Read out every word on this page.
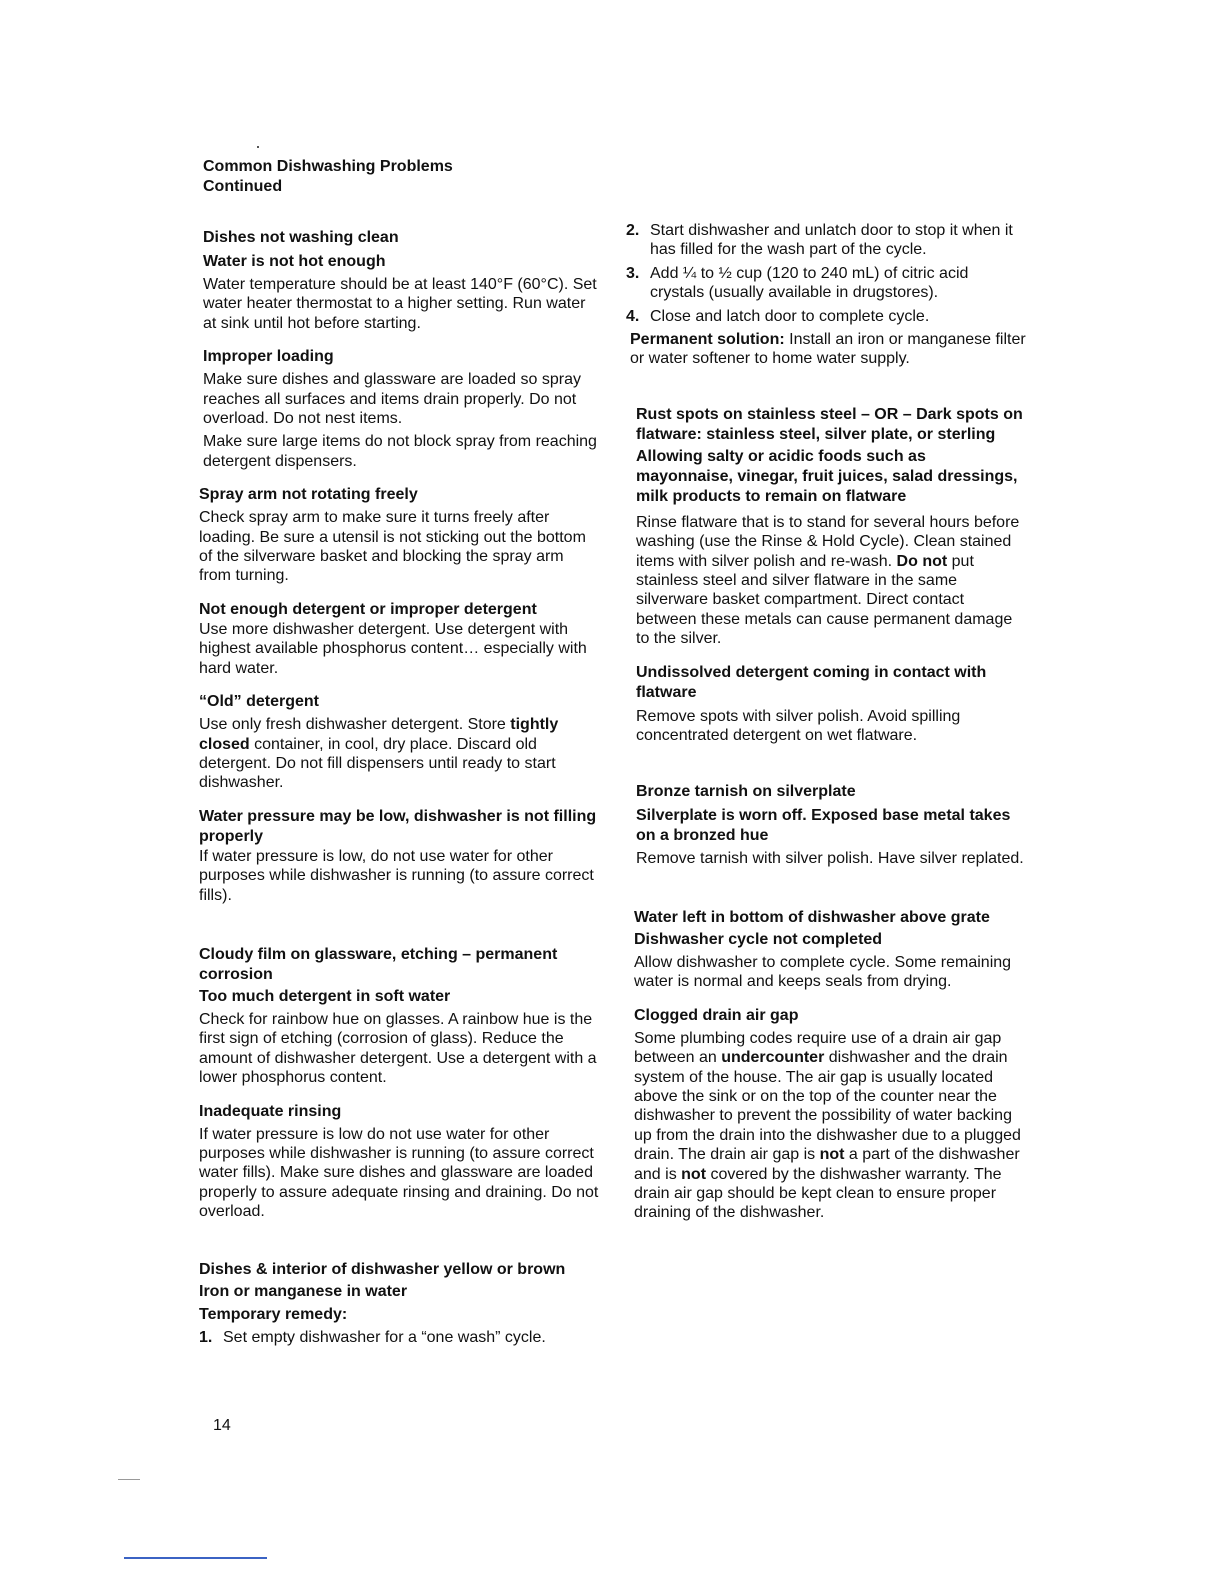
Common Dishwashing Problems
Continued
Dishes not washing clean
Water is not hot enough

Water temperature should be at least 140°F (60°C). Set water heater thermostat to a higher setting. Run water at sink until hot before starting.

Improper loading

Make sure dishes and glassware are loaded so spray reaches all surfaces and items drain properly. Do not overload. Do not nest items.

Make sure large items do not block spray from reaching detergent dispensers.

Spray arm not rotating freely

Check spray arm to make sure it turns freely after loading. Be sure a utensil is not sticking out the bottom of the silverware basket and blocking the spray arm from turning.

Not enough detergent or improper detergent

Use more dishwasher detergent. Use detergent with highest available phosphorus content… especially with hard water.

“Old” detergent

Use only fresh dishwasher detergent. Store tightly closed container, in cool, dry place. Discard old detergent. Do not fill dispensers until ready to start dishwasher.

Water pressure may be low, dishwasher is not filling properly

If water pressure is low, do not use water for other purposes while dishwasher is running (to assure correct fills).

Cloudy film on glassware, etching – permanent corrosion
Too much detergent in soft water

Check for rainbow hue on glasses. A rainbow hue is the first sign of etching (corrosion of glass). Reduce the amount of dishwasher detergent. Use a detergent with a lower phosphorus content.

Inadequate rinsing

If water pressure is low do not use water for other purposes while dishwasher is running (to assure correct water fills). Make sure dishes and glassware are loaded properly to assure adequate rinsing and draining. Do not overload.

Dishes & interior of dishwasher yellow or brown
Iron or manganese in water
Temporary remedy:
1. Set empty dishwasher for a “one wash” cycle.
2. Start dishwasher and unlatch door to stop it when it has filled for the wash part of the cycle.
3. Add ¼ to ½ cup (120 to 240 mL) of citric acid crystals (usually available in drugstores).
4. Close and latch door to complete cycle.

Permanent solution: Install an iron or manganese filter or water softener to home water supply.

Rust spots on stainless steel – OR – Dark spots on flatware: stainless steel, silver plate, or sterling
Allowing salty or acidic foods such as mayonnaise, vinegar, fruit juices, salad dressings, milk products to remain on flatware

Rinse flatware that is to stand for several hours before washing (use the Rinse & Hold Cycle). Clean stained items with silver polish and re-wash. Do not put stainless steel and silver flatware in the same silverware basket compartment. Direct contact between these metals can cause permanent damage to the silver.

Undissolved detergent coming in contact with flatware

Remove spots with silver polish. Avoid spilling concentrated detergent on wet flatware.

Bronze tarnish on silverplate
Silverplate is worn off. Exposed base metal takes on a bronzed hue

Remove tarnish with silver polish. Have silver replated.

Water left in bottom of dishwasher above grate
Dishwasher cycle not completed

Allow dishwasher to complete cycle. Some remaining water is normal and keeps seals from drying.

Clogged drain air gap

Some plumbing codes require use of a drain air gap between an undercounter dishwasher and the drain system of the house. The air gap is usually located above the sink or on the top of the counter near the dishwasher to prevent the possibility of water backing up from the drain into the dishwasher due to a plugged drain. The drain air gap is not a part of the dishwasher and is not covered by the dishwasher warranty. The drain air gap should be kept clean to ensure proper draining of the dishwasher.

14
